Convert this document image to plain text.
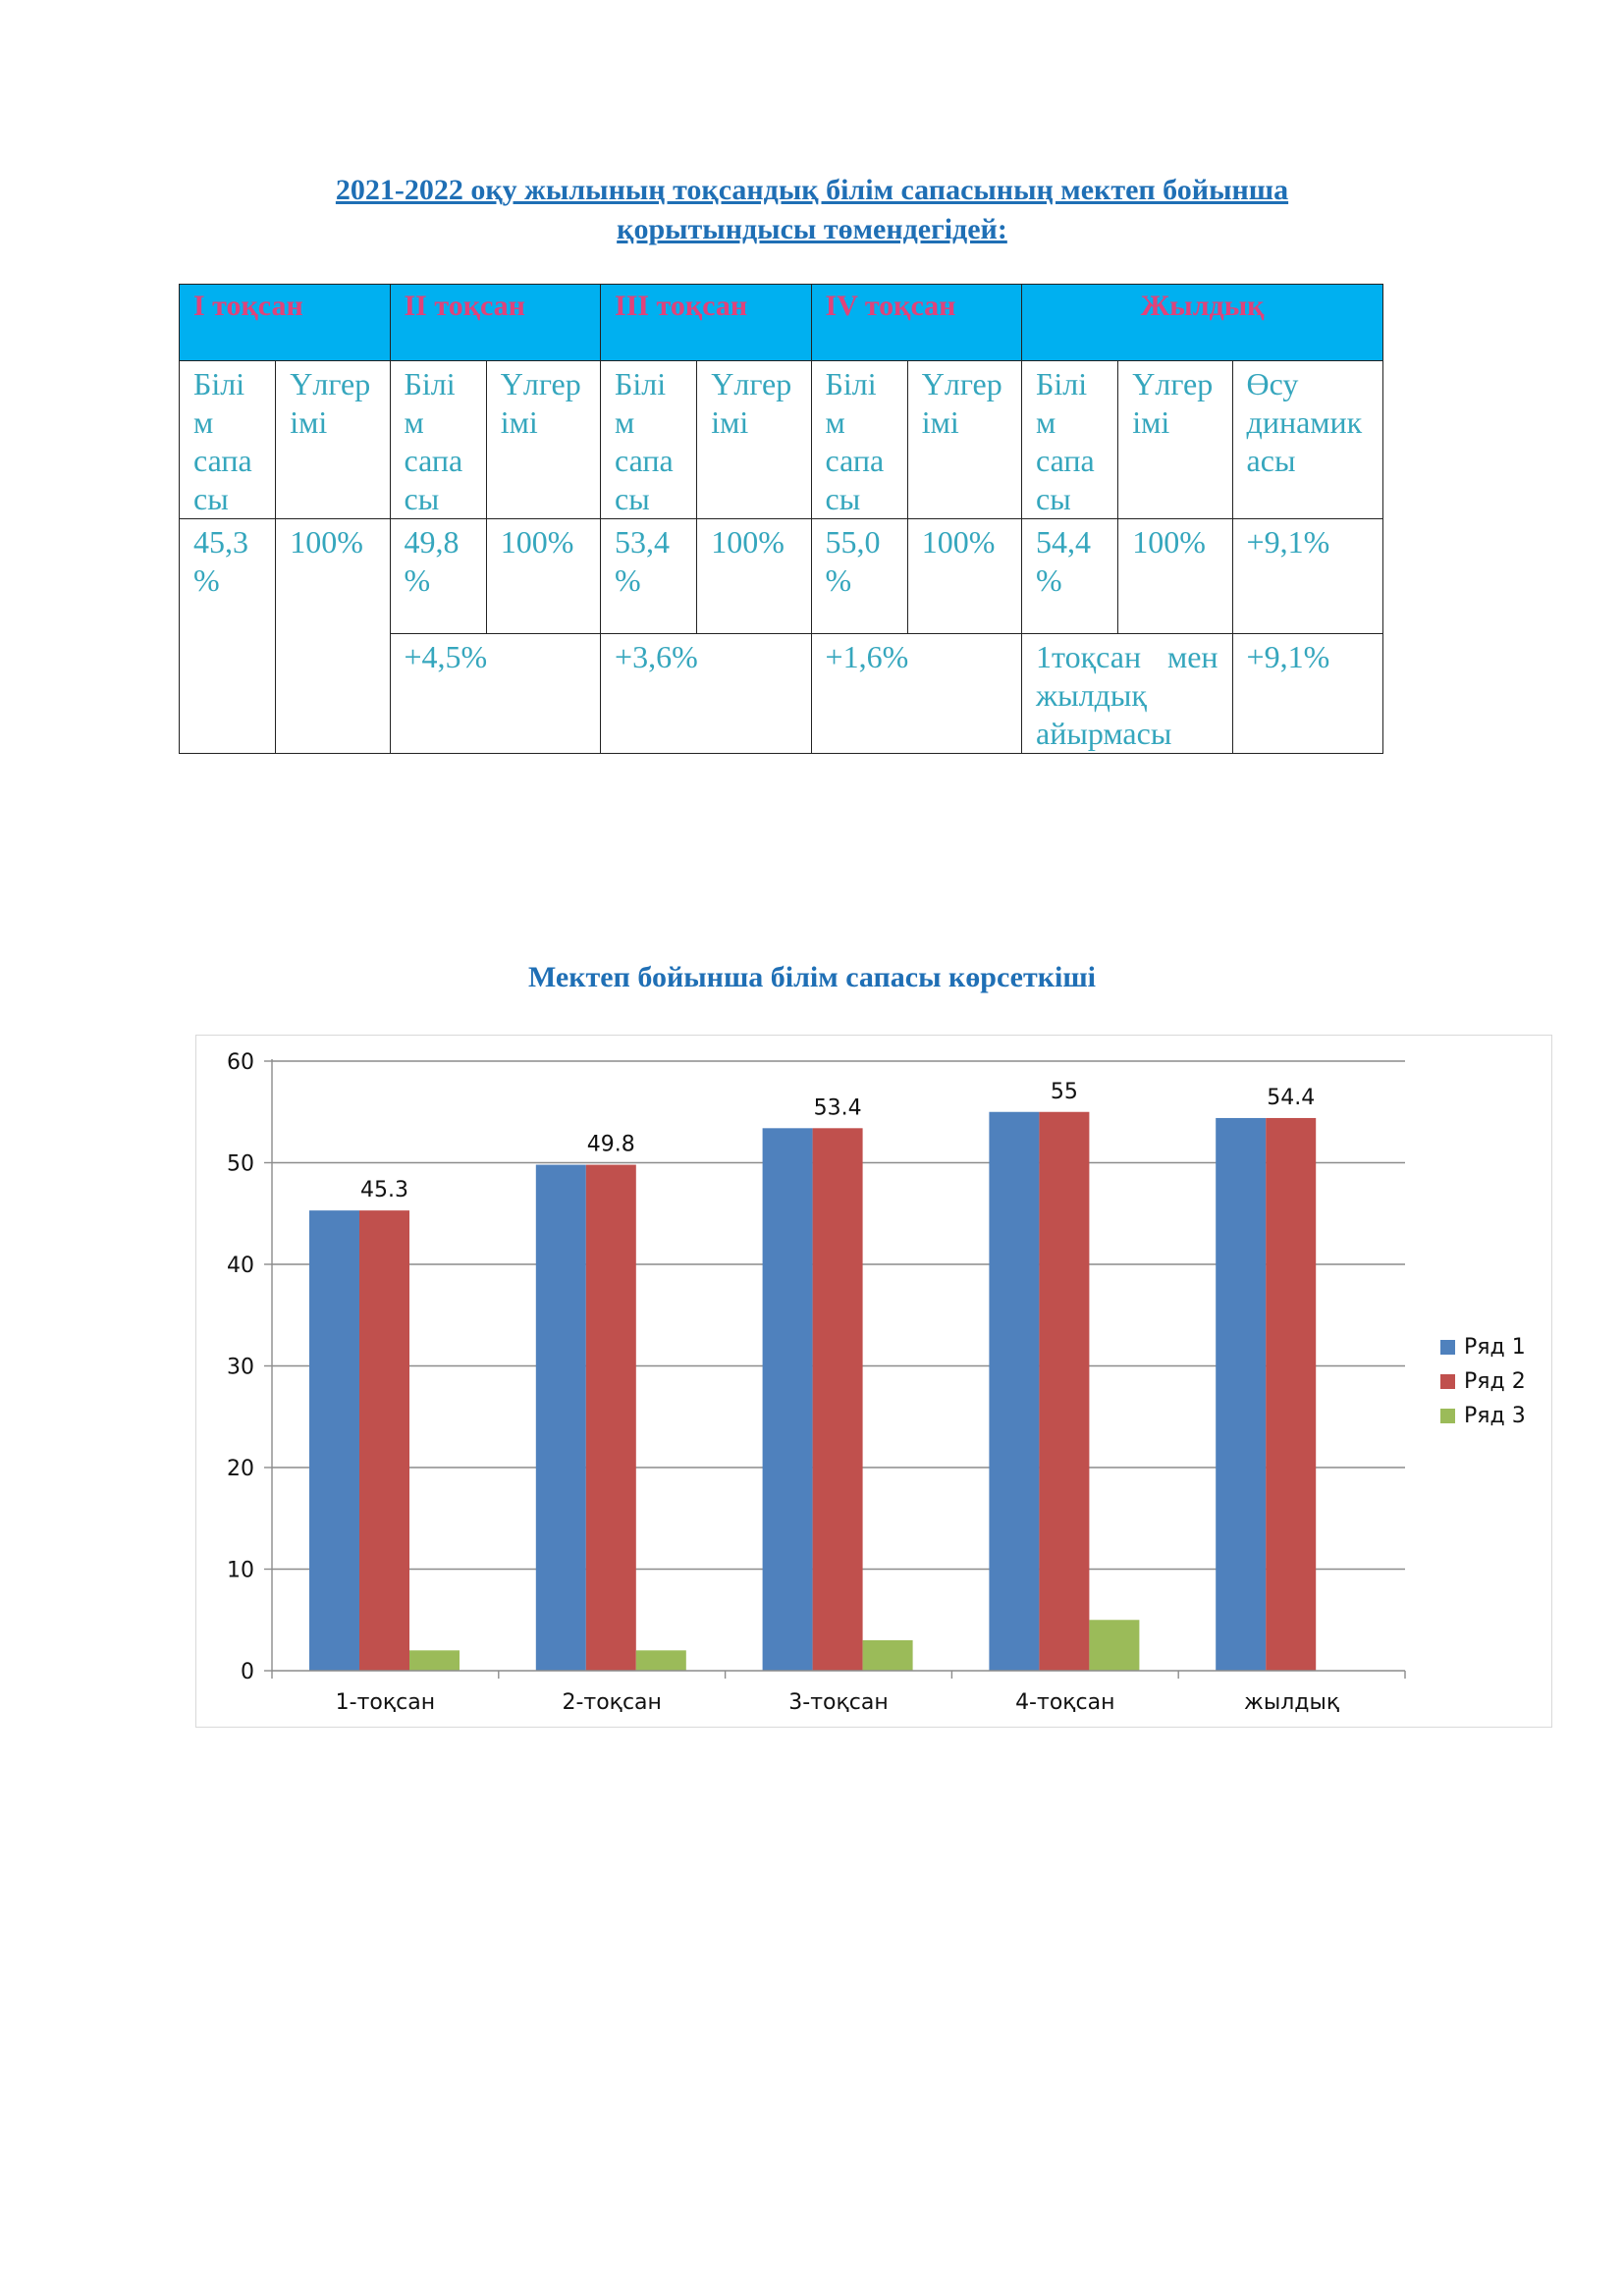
2021-2022 оқу жылының тоқсандық білім сапасының мектеп бойынша
қорытындысы төмендегідей:
I тоқсан		II тоқсан		III тоқсан		IV тоқсан		Жылдық		
Білім сапасы	Үлгерімі	Білім сапасы	Үлгерімі	Білім сапасы	Үлгерімі	Білім сапасы	Үлгерімі	Білім сапасы	Үлгерімі	Өсу динамикасы
45,3 %	100%	49,8 %	100%	53,4 %	100%	55,0 %	100%	54,4 %	100%	+9,1%
		+4,5%		+3,6%		+1,6%		1тоқсан мен жылдық айырмасы		+9,1%
Мектеп бойынша білім сапасы көрсеткіші
0
10
20
30
40
50
60
45.3
49.8
53.4
55	54.4
1-тоқсан	2-тоқсан	3-тоқсан	4-тоқсан	жылдық
Ряд 1
Ряд 2
Ряд 3
